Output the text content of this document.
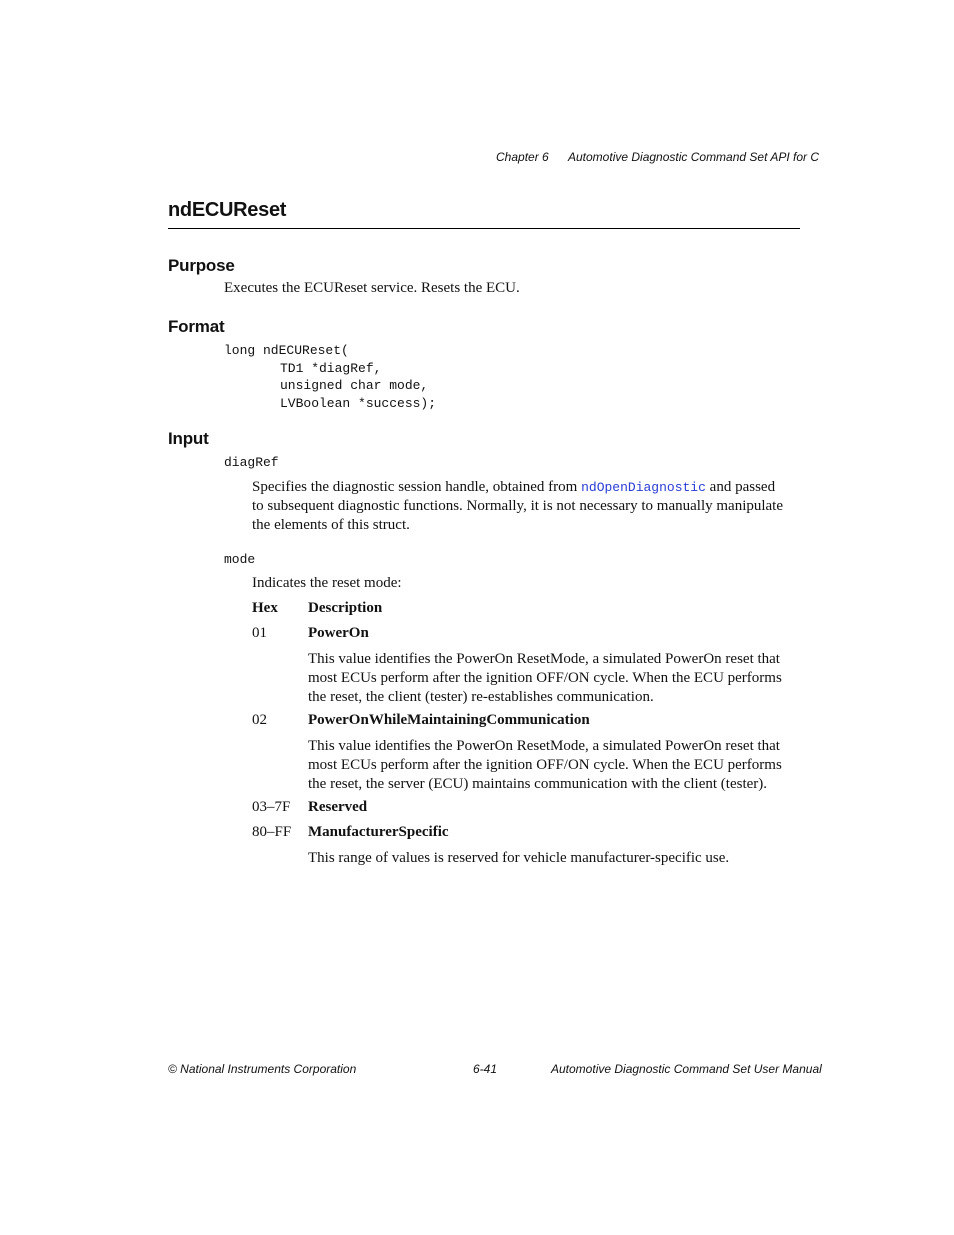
Chapter 6 Automotive Diagnostic Command Set API for C
ndECUReset
Purpose
Executes the ECUReset service. Resets the ECU.
Format
long ndECUReset(
TD1 *diagRef,
unsigned char mode,
LVBoolean *success);
Input
diagRef
Specifies the diagnostic session handle, obtained from ndOpenDiagnostic and passed
to subsequent diagnostic functions. Normally, it is not necessary to manually manipulate
the elements of this struct.
mode
Indicates the reset mode:
Hex Description
01	PowerOn
This value identifies the PowerOn ResetMode, a simulated PowerOn reset that
most ECUs perform after the ignition OFF/ON cycle. When the ECU performs
the reset, the client (tester) re-establishes communication.
02	PowerOnWhileMaintainingCommunication
This value identifies the PowerOn ResetMode, a simulated PowerOn reset that
most ECUs perform after the ignition OFF/ON cycle. When the ECU performs
the reset, the server (ECU) maintains communication with the client (tester).
03–7F Reserved
80–FF ManufacturerSpecific
This range of values is reserved for vehicle manufacturer-specific use.
© National Instruments Corporation	6-41	Automotive Diagnostic Command Set User Manual
